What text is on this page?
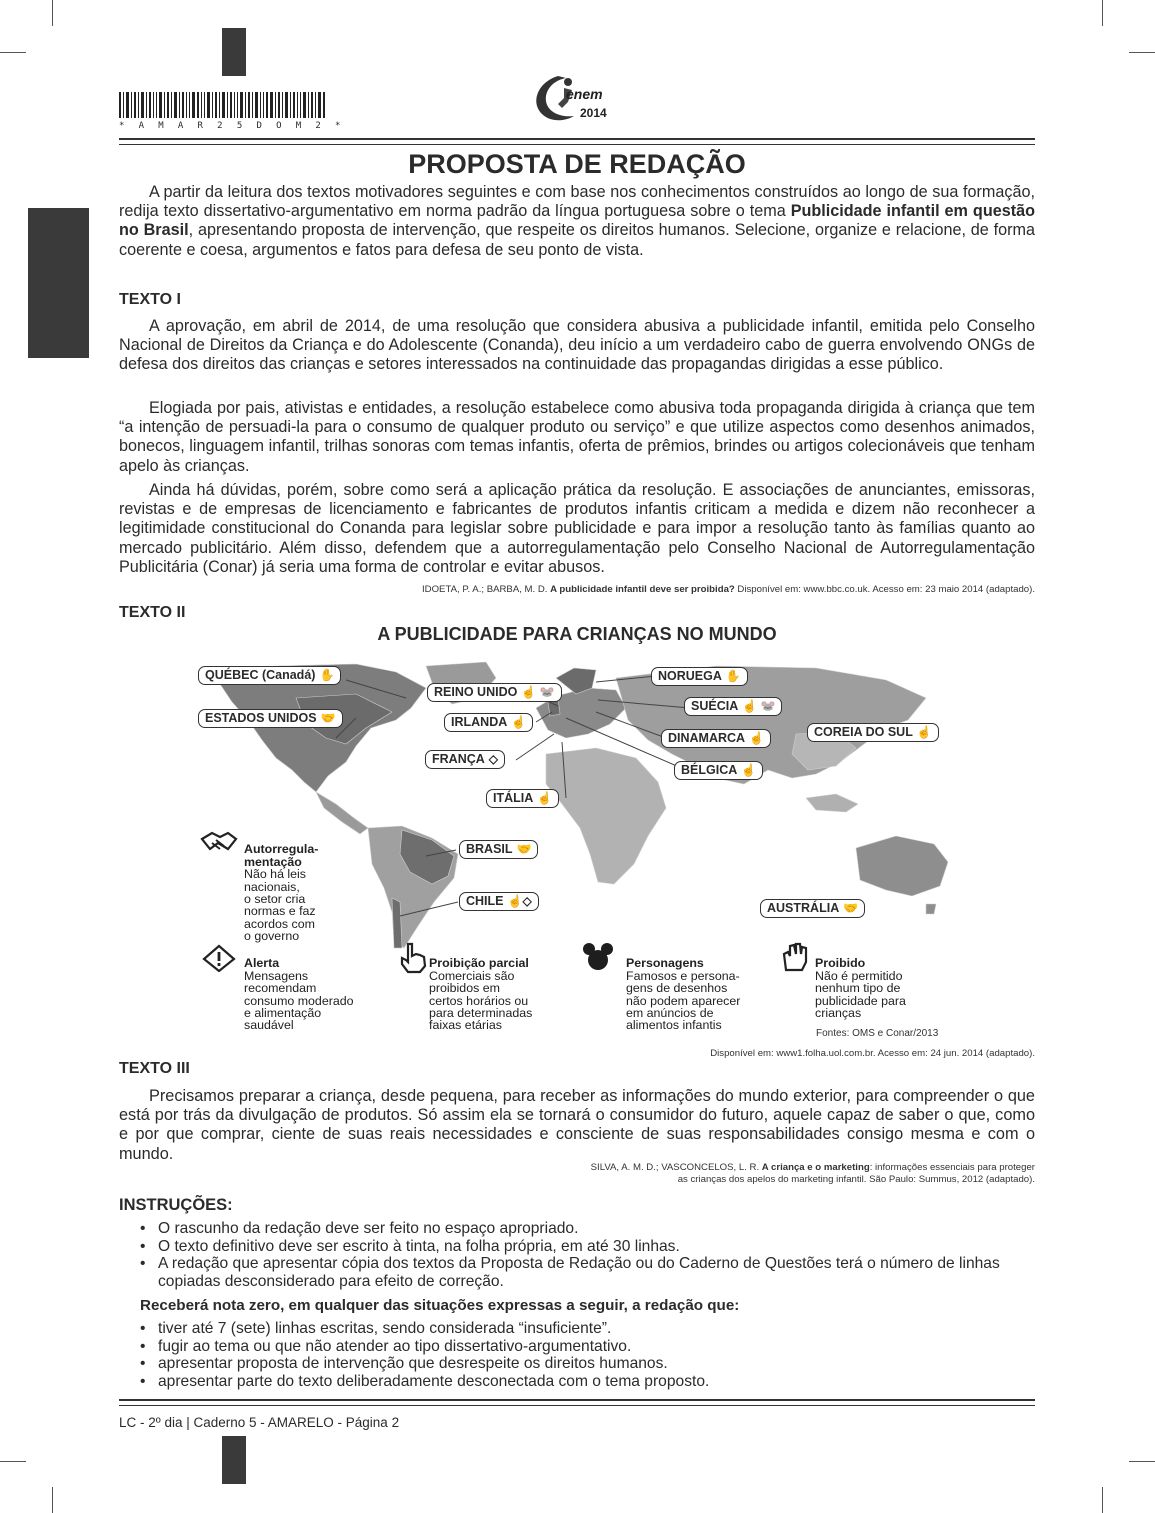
* A M A R 2 5 D O M 2 *
enem
2014
PROPOSTA DE REDAÇÃO
A partir da leitura dos textos motivadores seguintes e com base nos conhecimentos construídos ao longo de sua formação, redija texto dissertativo-argumentativo em norma padrão da língua portuguesa sobre o tema Publicidade infantil em questão no Brasil, apresentando proposta de intervenção, que respeite os direitos humanos. Selecione, organize e relacione, de forma coerente e coesa, argumentos e fatos para defesa de seu ponto de vista.
TEXTO I
A aprovação, em abril de 2014, de uma resolução que considera abusiva a publicidade infantil, emitida pelo Conselho Nacional de Direitos da Criança e do Adolescente (Conanda), deu início a um verdadeiro cabo de guerra envolvendo ONGs de defesa dos direitos das crianças e setores interessados na continuidade das propagandas dirigidas a esse público.
Elogiada por pais, ativistas e entidades, a resolução estabelece como abusiva toda propaganda dirigida à criança que tem “a intenção de persuadi-la para o consumo de qualquer produto ou serviço” e que utilize aspectos como desenhos animados, bonecos, linguagem infantil, trilhas sonoras com temas infantis, oferta de prêmios, brindes ou artigos colecionáveis que tenham apelo às crianças.
Ainda há dúvidas, porém, sobre como será a aplicação prática da resolução. E associações de anunciantes, emissoras, revistas e de empresas de licenciamento e fabricantes de produtos infantis criticam a medida e dizem não reconhecer a legitimidade constitucional do Conanda para legislar sobre publicidade e para impor a resolução tanto às famílias quanto ao mercado publicitário. Além disso, defendem que a autorregulamentação pelo Conselho Nacional de Autorregulamentação Publicitária (Conar) já seria uma forma de controlar e evitar abusos.
IDOETA, P. A.; BARBA, M. D. A publicidade infantil deve ser proibida? Disponível em: www.bbc.co.uk. Acesso em: 23 maio 2014 (adaptado).
TEXTO II
A PUBLICIDADE PARA CRIANÇAS NO MUNDO
QUÉBEC (Canadá) ✋
ESTADOS UNIDOS 🤝
REINO UNIDO ☝ 🐭
IRLANDA ☝
FRANÇA ◇
ITÁLIA ☝
NORUEGA ✋
SUÉCIA ☝ 🐭
DINAMARCA ☝
BÉLGICA ☝
COREIA DO SUL ☝
BRASIL 🤝
CHILE ☝◇	AUSTRÁLIA 🤝

Autorregula-
mentação
Não há leis
nacionais,
o setor cria
normas e faz
acordos com
o governo

Alerta
Mensagens
recomendam
consumo moderado
e alimentação
saudável

Proibição parcial
Comerciais são
proibidos em
certos horários ou
para determinadas
faixas etárias

Personagens
Famosos e persona-
gens de desenhos
não podem aparecer
em anúncios de
alimentos infantis

Proibido
Não é permitido
nenhum tipo de
publicidade para
crianças

Fontes: OMS e Conar/2013
Disponível em: www1.folha.uol.com.br. Acesso em: 24 jun. 2014 (adaptado).
TEXTO III
Precisamos preparar a criança, desde pequena, para receber as informações do mundo exterior, para compreender o que está por trás da divulgação de produtos. Só assim ela se tornará o consumidor do futuro, aquele capaz de saber o que, como e por que comprar, ciente de suas reais necessidades e consciente de suas responsabilidades consigo mesma e com o mundo.
SILVA, A. M. D.; VASCONCELOS, L. R. A criança e o marketing: informações essenciais para proteger
as crianças dos apelos do marketing infantil. São Paulo: Summus, 2012 (adaptado).
INSTRUÇÕES:
• O rascunho da redação deve ser feito no espaço apropriado.
• O texto definitivo deve ser escrito à tinta, na folha própria, em até 30 linhas.
• A redação que apresentar cópia dos textos da Proposta de Redação ou do Caderno de Questões terá o número de linhas copiadas desconsiderado para efeito de correção.
Receberá nota zero, em qualquer das situações expressas a seguir, a redação que:
• tiver até 7 (sete) linhas escritas, sendo considerada “insuficiente”.
• fugir ao tema ou que não atender ao tipo dissertativo-argumentativo.
• apresentar proposta de intervenção que desrespeite os direitos humanos.
• apresentar parte do texto deliberadamente desconectada com o tema proposto.
LC - 2º dia | Caderno 5 - AMARELO - Página 2
